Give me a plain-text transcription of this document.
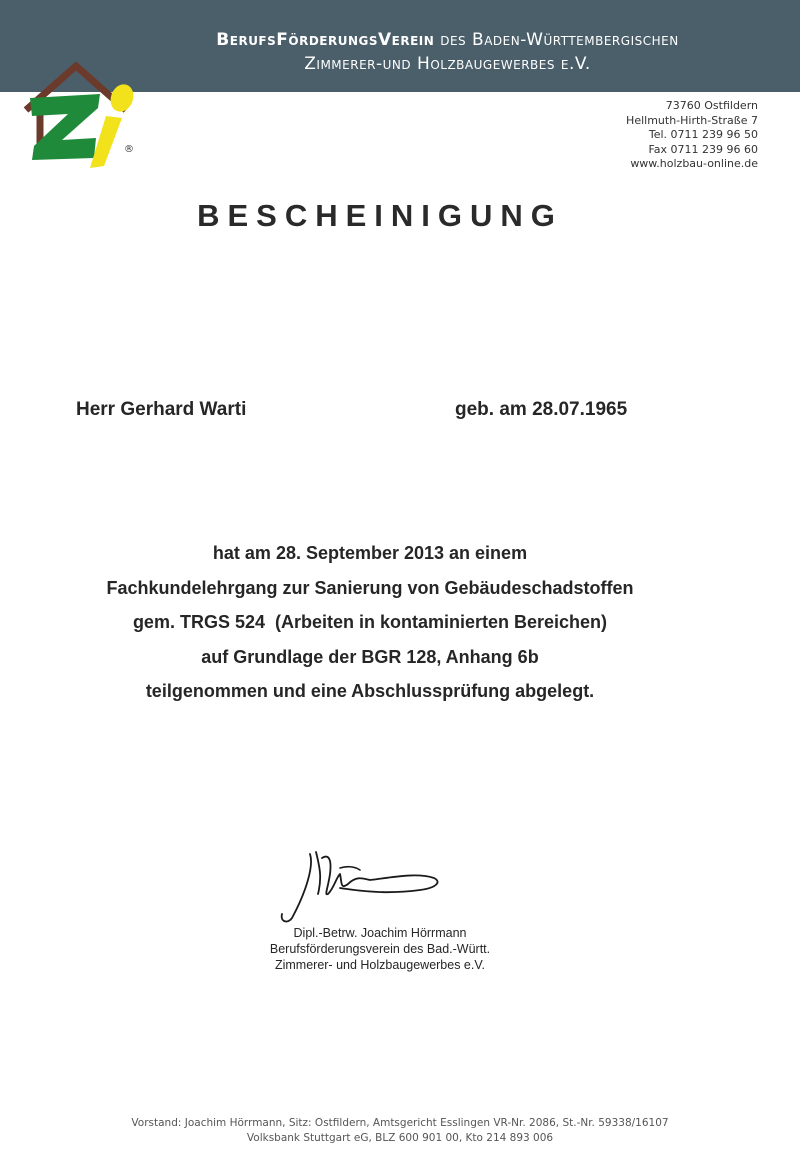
BerufsFörderungsVerein des Baden-Württembergischen
Zimmerer-und Holzbaugewerbes e.V.
®
73760 Ostfildern
Hellmuth-Hirth-Straße 7
Tel. 0711 239 96 50
Fax 0711 239 96 60
www.holzbau-online.de
BESCHEINIGUNG
Herr Gerhard Warti	geb. am 28.07.1965
hat am 28. September 2013 an einem
Fachkundelehrgang zur Sanierung von Gebäudeschadstoffen
gem. TRGS 524  (Arbeiten in kontaminierten Bereichen)
auf Grundlage der BGR 128, Anhang 6b
teilgenommen und eine Abschlussprüfung abgelegt.
Dipl.-Betrw. Joachim Hörrmann
Berufsförderungsverein des Bad.-Württ.
Zimmerer- und Holzbaugewerbes e.V.
Vorstand: Joachim Hörrmann, Sitz: Ostfildern, Amtsgericht Esslingen VR-Nr. 2086, St.-Nr. 59338/16107
Volksbank Stuttgart eG, BLZ 600 901 00, Kto 214 893 006
